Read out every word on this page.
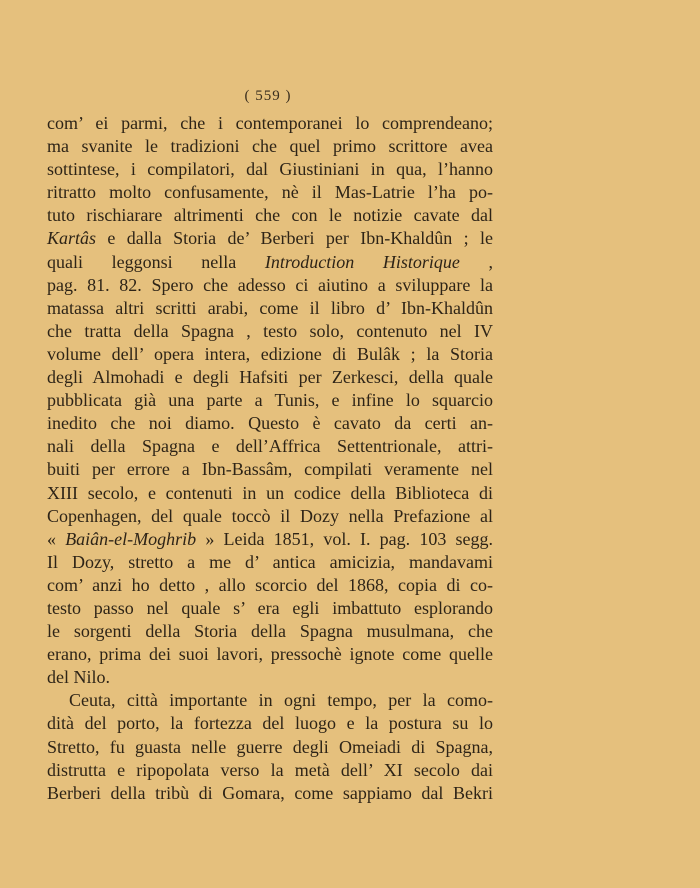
( 559 )
com’ ei parmi, che i contemporanei lo comprendeano;
ma svanite le tradizioni che quel primo scrittore avea
sottintese, i compilatori, dal Giustiniani in qua, l’hanno
ritratto molto confusamente, nè il Mas-Latrie l’ha po-
tuto rischiarare altrimenti che con le notizie cavate dal
Kartâs e dalla Storia de’ Berberi per Ibn-Khaldûn ; le
quali leggonsi nella Introduction Historique ,
pag. 81. 82. Spero che adesso ci aiutino a sviluppare la
matassa altri scritti arabi, come il libro d’ Ibn-Khaldûn
che tratta della Spagna , testo solo, contenuto nel IV
volume dell’ opera intera, edizione di Bulâk ; la Storia
degli Almohadi e degli Hafsiti per Zerkesci, della quale
pubblicata già una parte a Tunis, e infine lo squarcio
inedito che noi diamo. Questo è cavato da certi an-
nali della Spagna e dell’Affrica Settentrionale, attri-
buiti per errore a Ibn-Bassâm, compilati veramente nel
XIII secolo, e contenuti in un codice della Biblioteca di
Copenhagen, del quale toccò il Dozy nella Prefazione al
« Baiân-el-Moghrib » Leida 1851, vol. I. pag. 103 segg.
Il Dozy, stretto a me d’ antica amicizia, mandavami
com’ anzi ho detto , allo scorcio del 1868, copia di co-
testo passo nel quale s’ era egli imbattuto esplorando
le sorgenti della Storia della Spagna musulmana, che
erano, prima dei suoi lavori, pressochè ignote come quelle
del Nilo.
Ceuta, città importante in ogni tempo, per la como-
dità del porto, la fortezza del luogo e la postura su lo
Stretto, fu guasta nelle guerre degli Omeiadi di Spagna,
distrutta e ripopolata verso la metà dell’ XI secolo dai
Berberi della tribù di Gomara, come sappiamo dal Bekri
